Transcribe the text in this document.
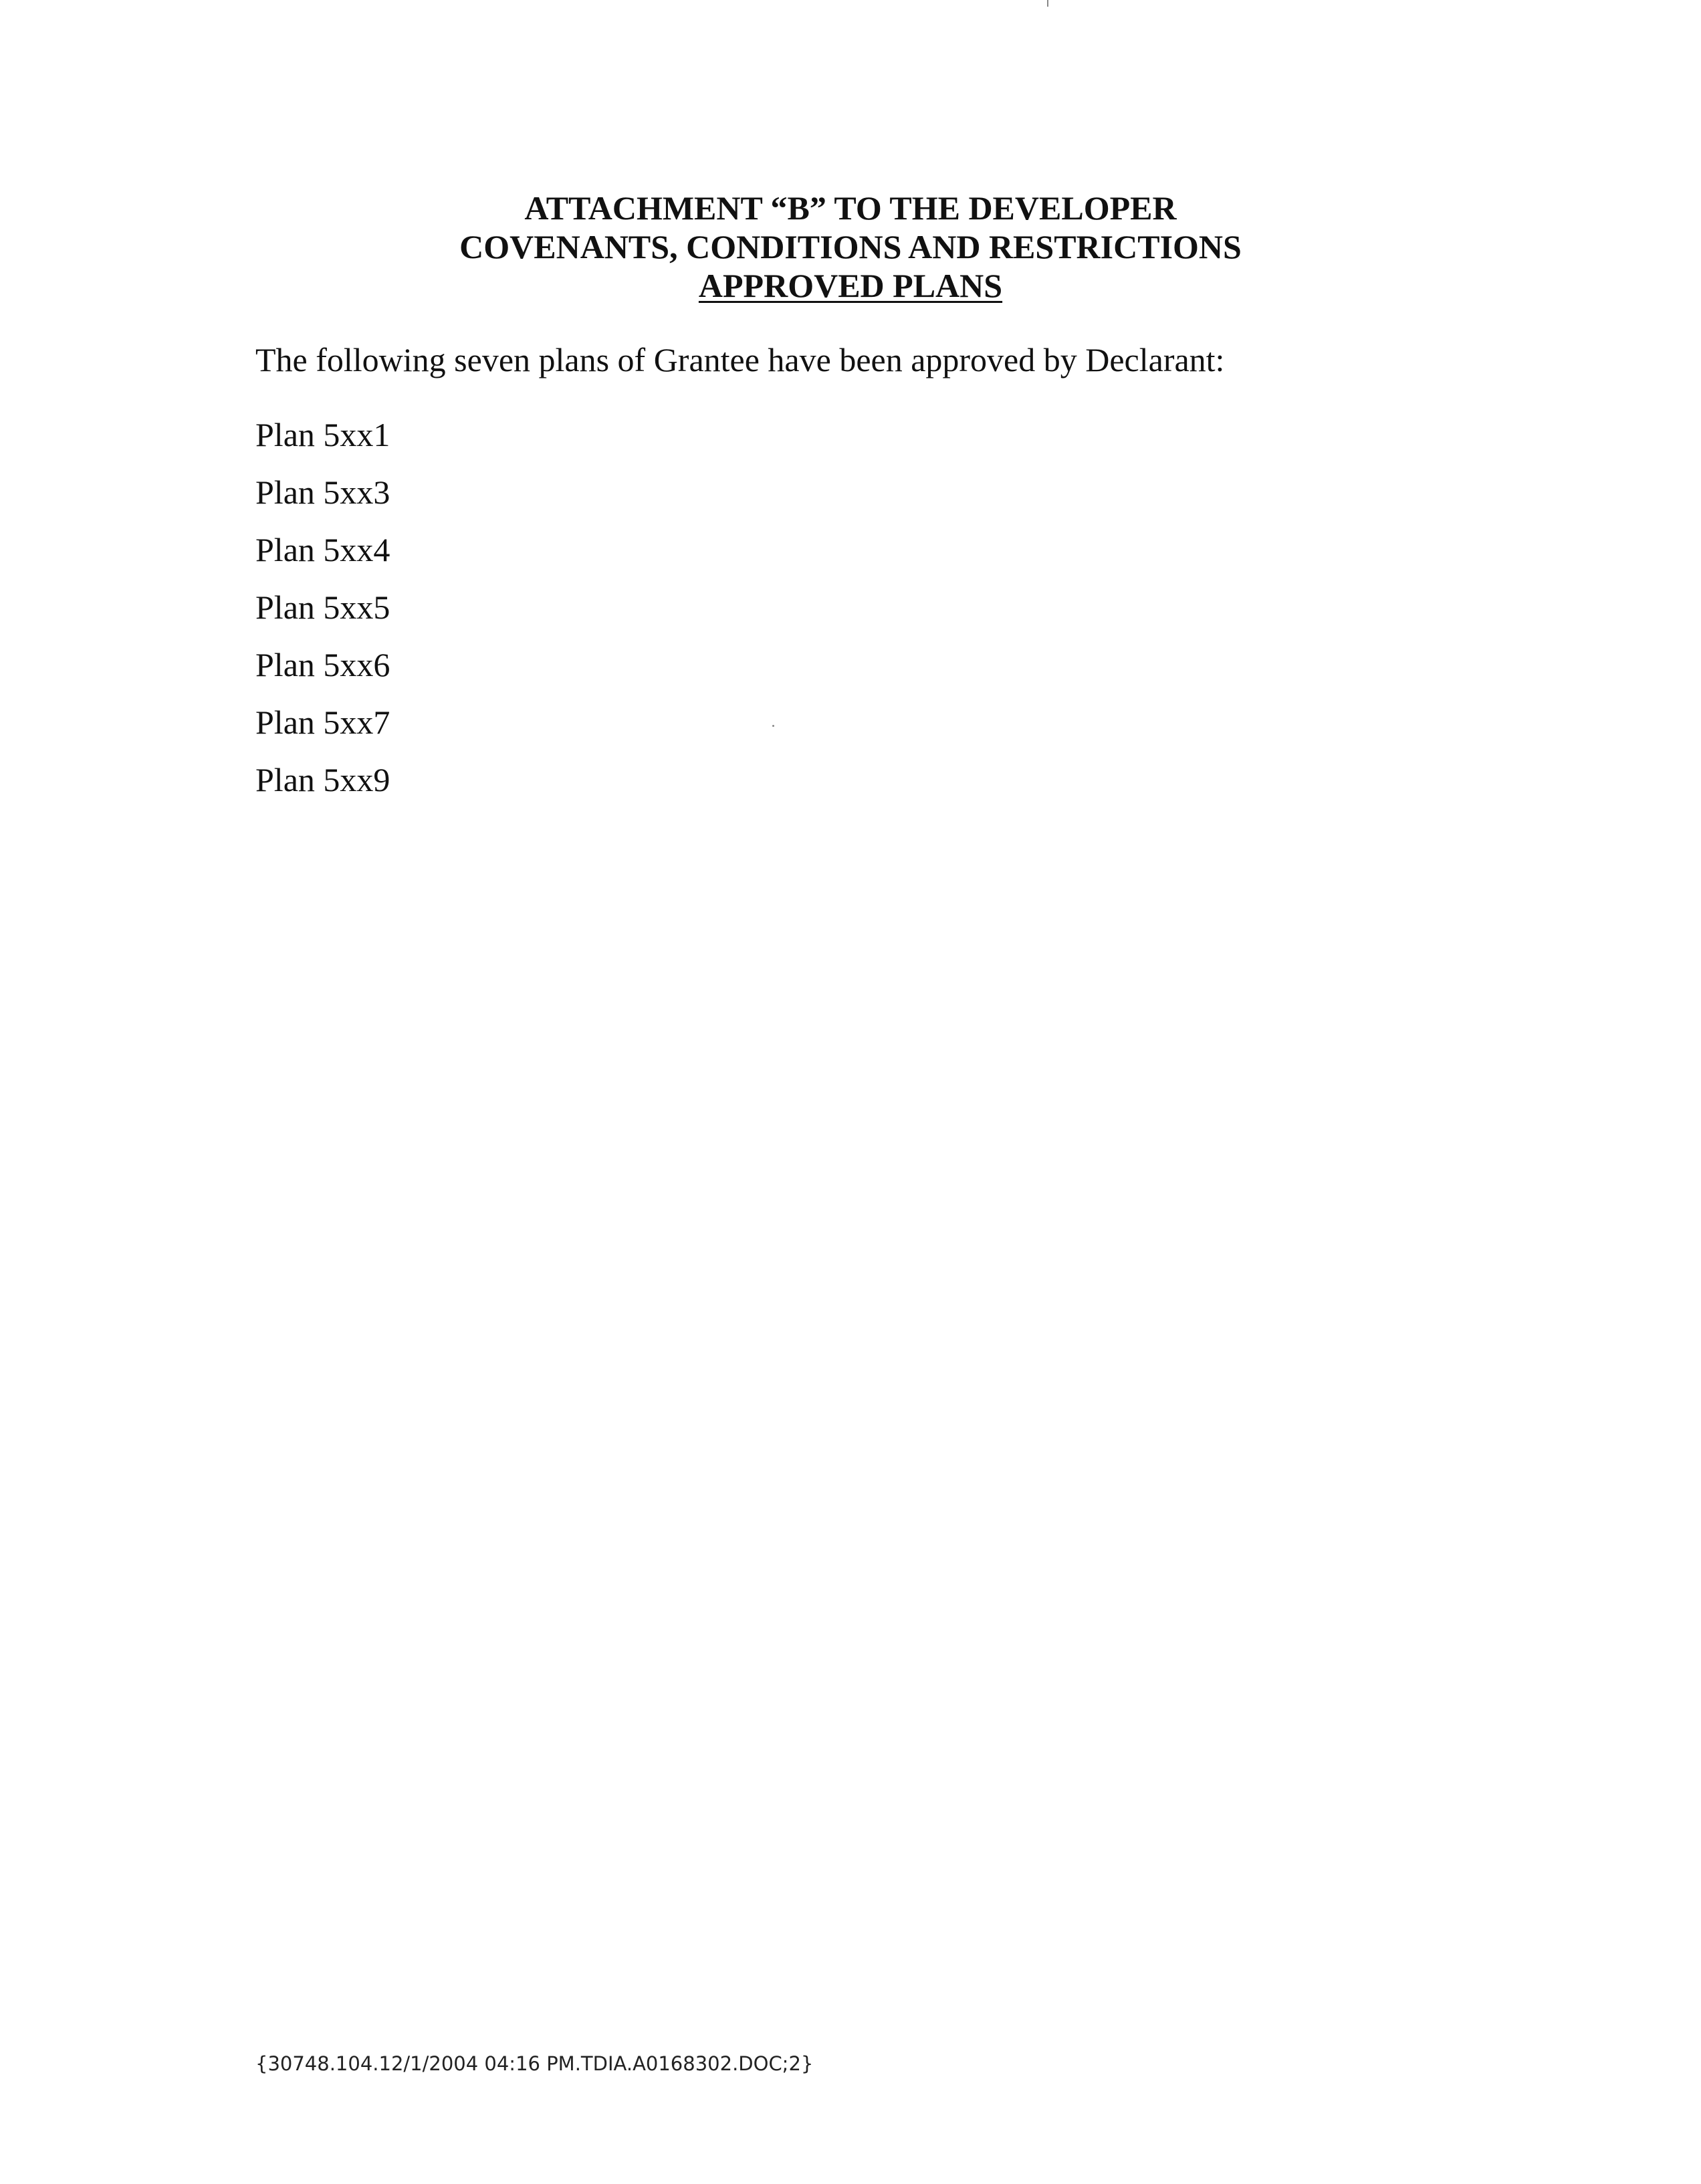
ATTACHMENT “B” TO THE DEVELOPER
COVENANTS, CONDITIONS AND RESTRICTIONS
APPROVED PLANS
The following seven plans of Grantee have been approved by Declarant:
Plan 5xx1
Plan 5xx3
Plan 5xx4
Plan 5xx5
Plan 5xx6
Plan 5xx7
Plan 5xx9
{30748.104.12/1/2004 04:16 PM.TDIA.A0168302.DOC;2}
